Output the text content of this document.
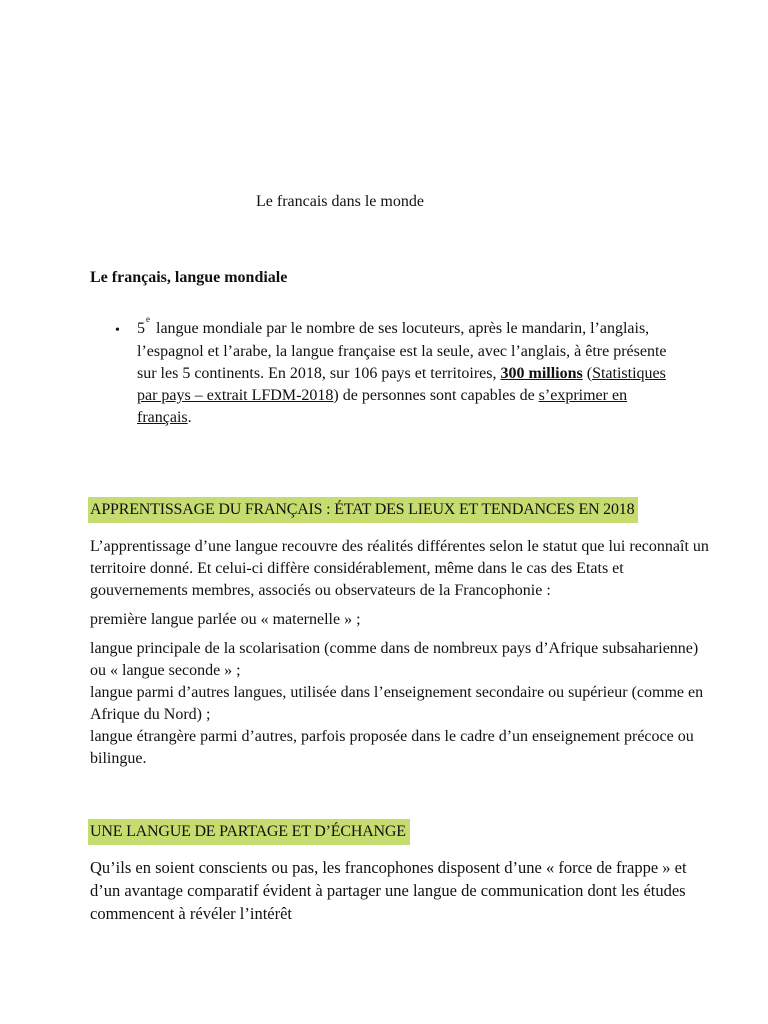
Le francais dans le monde
Le français, langue mondiale
• 5elangue mondiale par le nombre de ses locuteurs, après le mandarin, l’anglais, l’espagnol et l’arabe, la langue française est la seule, avec l’anglais, à être présente sur les 5 continents. En 2018, sur 106 pays et territoires, 300 millions (Statistiques par pays – extrait LFDM-2018) de personnes sont capables de s’exprimer en français.
APPRENTISSAGE DU FRANÇAIS : ÉTAT DES LIEUX ET TENDANCES EN 2018

L’apprentissage d’une langue recouvre des réalités différentes selon le statut que lui reconnaît un territoire donné. Et celui-ci diffère considérablement, même dans le cas des Etats et gouvernements membres, associés ou observateurs de la Francophonie :

première langue parlée ou « maternelle » ;

langue principale de la scolarisation (comme dans de nombreux pays d’Afrique subsaharienne) ou « langue seconde » ;

langue parmi d’autres langues, utilisée dans l’enseignement secondaire ou supérieur (comme en Afrique du Nord) ;

langue étrangère parmi d’autres, parfois proposée dans le cadre d’un enseignement précoce ou bilingue.

UNE LANGUE DE PARTAGE ET D’ÉCHANGE
Qu’ils en soient conscients ou pas, les francophones disposent d’une « force de frappe » et d’un avantage comparatif évident à partager une langue de communication dont les études commencent à révéler l’intérêt
